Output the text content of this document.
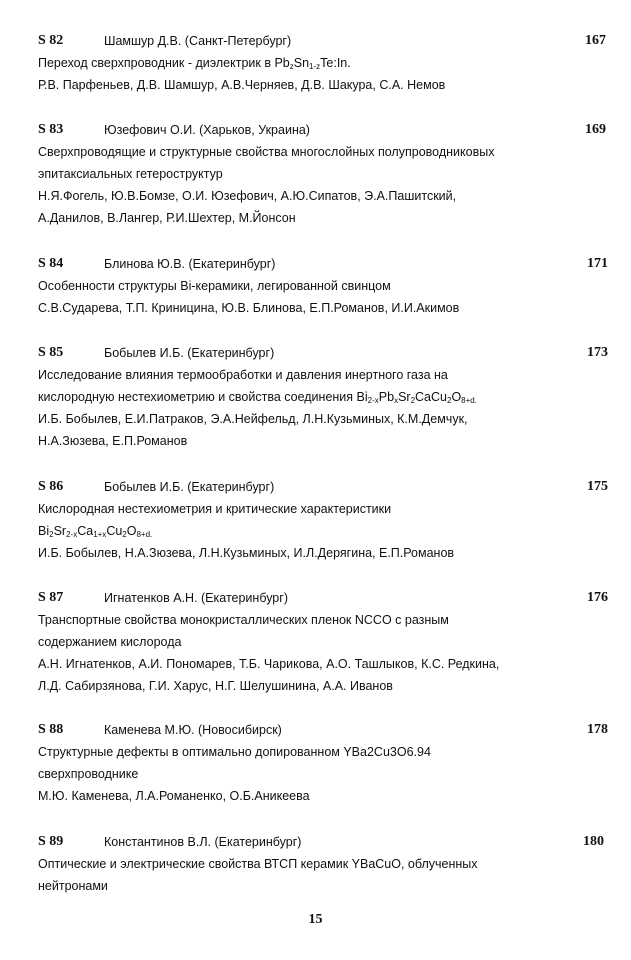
S 82	Шамшур Д.В. (Санкт-Петербург)	167
Переход сверхпроводник - диэлектрик в $Pb_zSn_{1-z}Te:In$.
Р.В. Парфеньев, Д.В. Шамшур, А.В.Черняев, Д.В. Шакура, С.А. Немов
S 83	Юзефович О.И. (Харьков, Украина)	169
Сверхпроводящие и структурные свойства многослойных полупроводниковых
эпитаксиальных гетероструктур
Н.Я.Фогель, Ю.В.Бомзе, О.И. Юзефович, А.Ю.Сипатов, Э.А.Пашитский,
А.Данилов, В.Лангер, Р.И.Шехтер, М.Йонсон
S 84	Блинова Ю.В. (Екатеринбург)	171
Особенности структуры Bi-керамики, легированной свинцом
С.В.Сударева, Т.П. Криницина, Ю.В. Блинова, Е.П.Романов, И.И.Акимов
S 85	Бобылев И.Б. (Екатеринбург)	173
Исследование влияния термообработки и давления инертного газа на
кислородную нестехиометрию и свойства соединения $Bi_{2-x}Pb_xSr_2CaCu_2O_{8+d.}$
И.Б. Бобылев, Е.И.Патраков, Э.А.Нейфельд, Л.Н.Кузьминых, К.М.Демчук,
Н.А.Зюзева, Е.П.Романов
S 86	Бобылев И.Б. (Екатеринбург)	175
Кислородная нестехиометрия и критические характеристики
$Bi_2Sr_{2-x}Ca_{1+x}Cu_2O_{8+d.}$
И.Б. Бобылев, Н.А.Зюзева, Л.Н.Кузьминых, И.Л.Дерягина, Е.П.Романов
S 87	Игнатенков А.Н. (Екатеринбург)	176
Транспортные свойства монокристаллических пленок NCCO с разным
содержанием кислорода
А.Н. Игнатенков, А.И. Пономарев, Т.Б. Чарикова, А.О. Ташлыков, К.С. Редкина,
Л.Д. Сабирзянова, Г.И. Харус, Н.Г. Шелушинина, А.А. Иванов
S 88	Каменева М.Ю. (Новосибирск)	178
Структурные дефекты в оптимально допированном YBa2Cu3O6.94
сверхпроводнике
М.Ю. Каменева, Л.А.Романенко, О.Б.Аникеева
S 89	Константинов В.Л. (Екатеринбург)	180
Оптические и электрические свойства ВТСП керамик YBaCuO, облученных
нейтронами
15
